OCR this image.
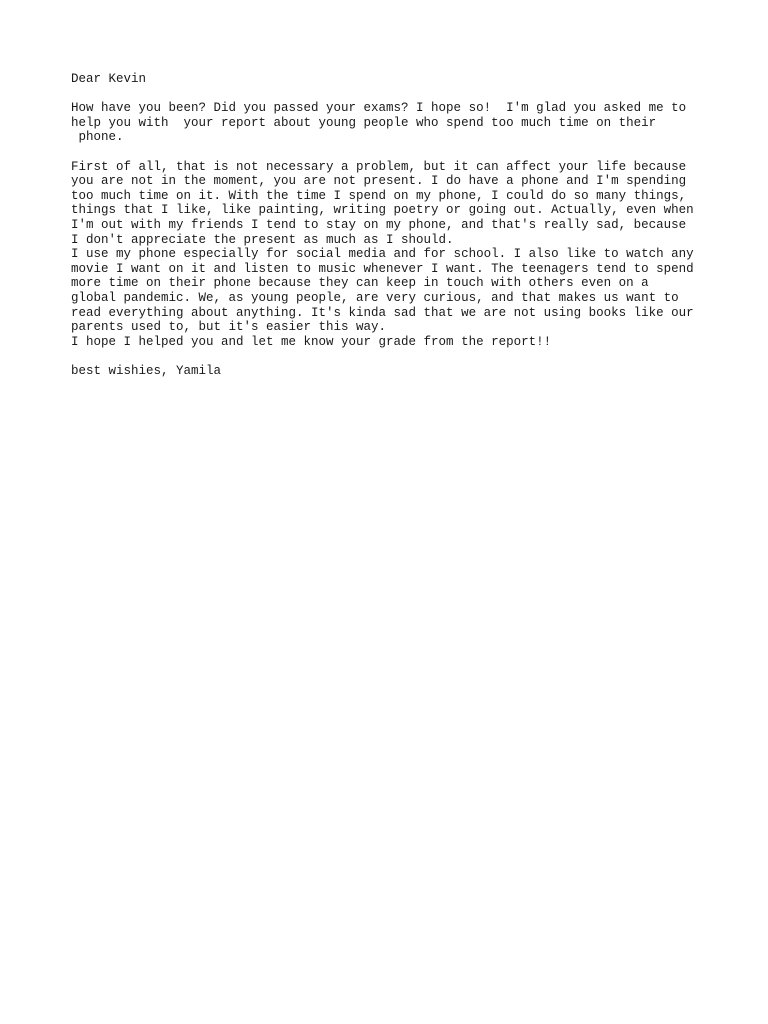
Dear Kevin
How have you been? Did you passed your exams? I hope so!  I'm glad you asked me to
help you with  your report about young people who spend too much time on their
phone.
First of all, that is not necessary a problem, but it can affect your life because
you are not in the moment, you are not present. I do have a phone and I'm spending
too much time on it. With the time I spend on my phone, I could do so many things,
things that I like, like painting, writing poetry or going out. Actually, even when
I'm out with my friends I tend to stay on my phone, and that's really sad, because
I don't appreciate the present as much as I should.
I use my phone especially for social media and for school. I also like to watch any
movie I want on it and listen to music whenever I want. The teenagers tend to spend
more time on their phone because they can keep in touch with others even on a
global pandemic. We, as young people, are very curious, and that makes us want to
read everything about anything. It's kinda sad that we are not using books like our
parents used to, but it's easier this way.
I hope I helped you and let me know your grade from the report!!
best wishies, Yamila
